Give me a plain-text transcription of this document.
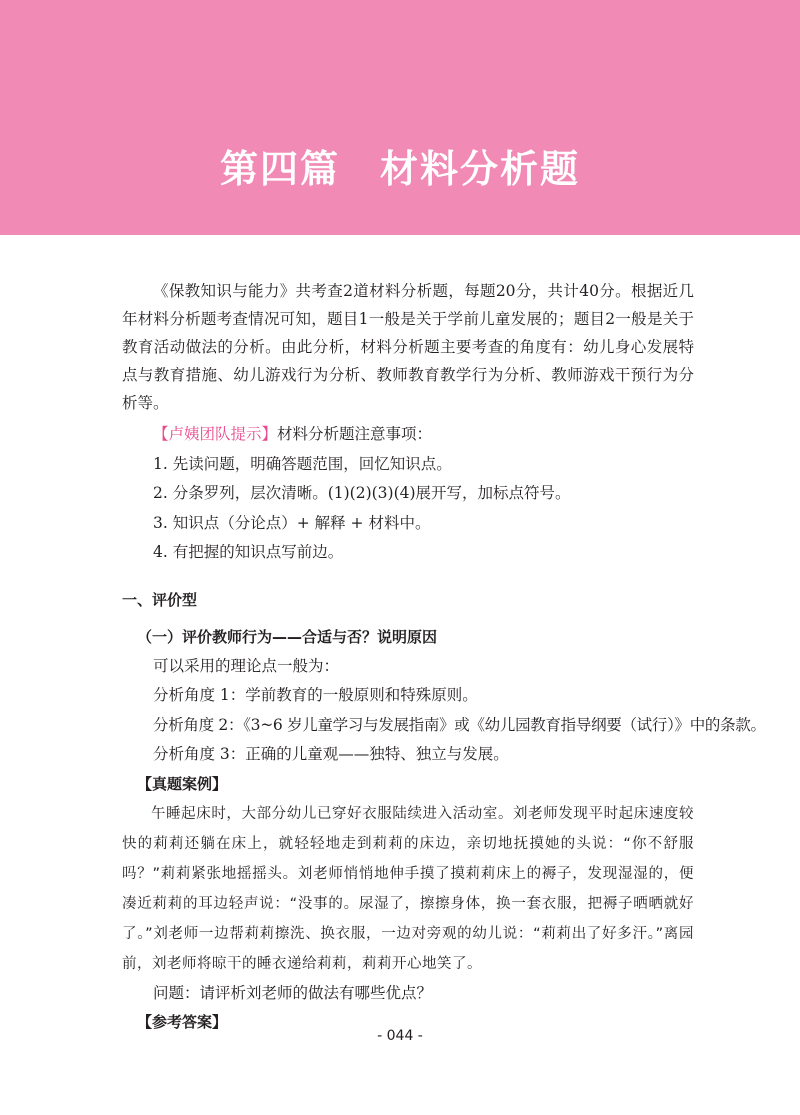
第四篇　材料分析题

《保教知识与能力》共考查2道材料分析题，每题20分，共计40分。根据近几年材料分析题考查情况可知，题目1一般是关于学前儿童发展的；题目2一般是关于教育活动做法的分析。由此分析，材料分析题主要考查的角度有：幼儿身心发展特点与教育措施、幼儿游戏行为分析、教师教育教学行为分析、教师游戏干预行为分析等。

【卢姨团队提示】材料分析题注意事项：

1. 先读问题，明确答题范围，回忆知识点。

2. 分条罗列，层次清晰。(1)(2)(3)(4)展开写，加标点符号。

3. 知识点（分论点）+ 解释 + 材料中。

4. 有把握的知识点写前边。

一、评价型

（一）评价教师行为——合适与否？说明原因

可以采用的理论点一般为：

分析角度 1：学前教育的一般原则和特殊原则。

分析角度 2：《3~6 岁儿童学习与发展指南》或《幼儿园教育指导纲要（试行）》中的条款。

分析角度 3：正确的儿童观——独特、独立与发展。

【真题案例】

午睡起床时，大部分幼儿已穿好衣服陆续进入活动室。刘老师发现平时起床速度较快的莉莉还躺在床上，就轻轻地走到莉莉的床边，亲切地抚摸她的头说：“你不舒服吗？”莉莉紧张地摇摇头。刘老师悄悄地伸手摸了摸莉莉床上的褥子，发现湿湿的，便凑近莉莉的耳边轻声说：“没事的。尿湿了，擦擦身体，换一套衣服，把褥子晒晒就好了。”刘老师一边帮莉莉擦洗、换衣服，一边对旁观的幼儿说：“莉莉出了好多汗。”离园前，刘老师将晾干的睡衣递给莉莉，莉莉开心地笑了。

问题：请评析刘老师的做法有哪些优点？

【参考答案】

- 044 -
